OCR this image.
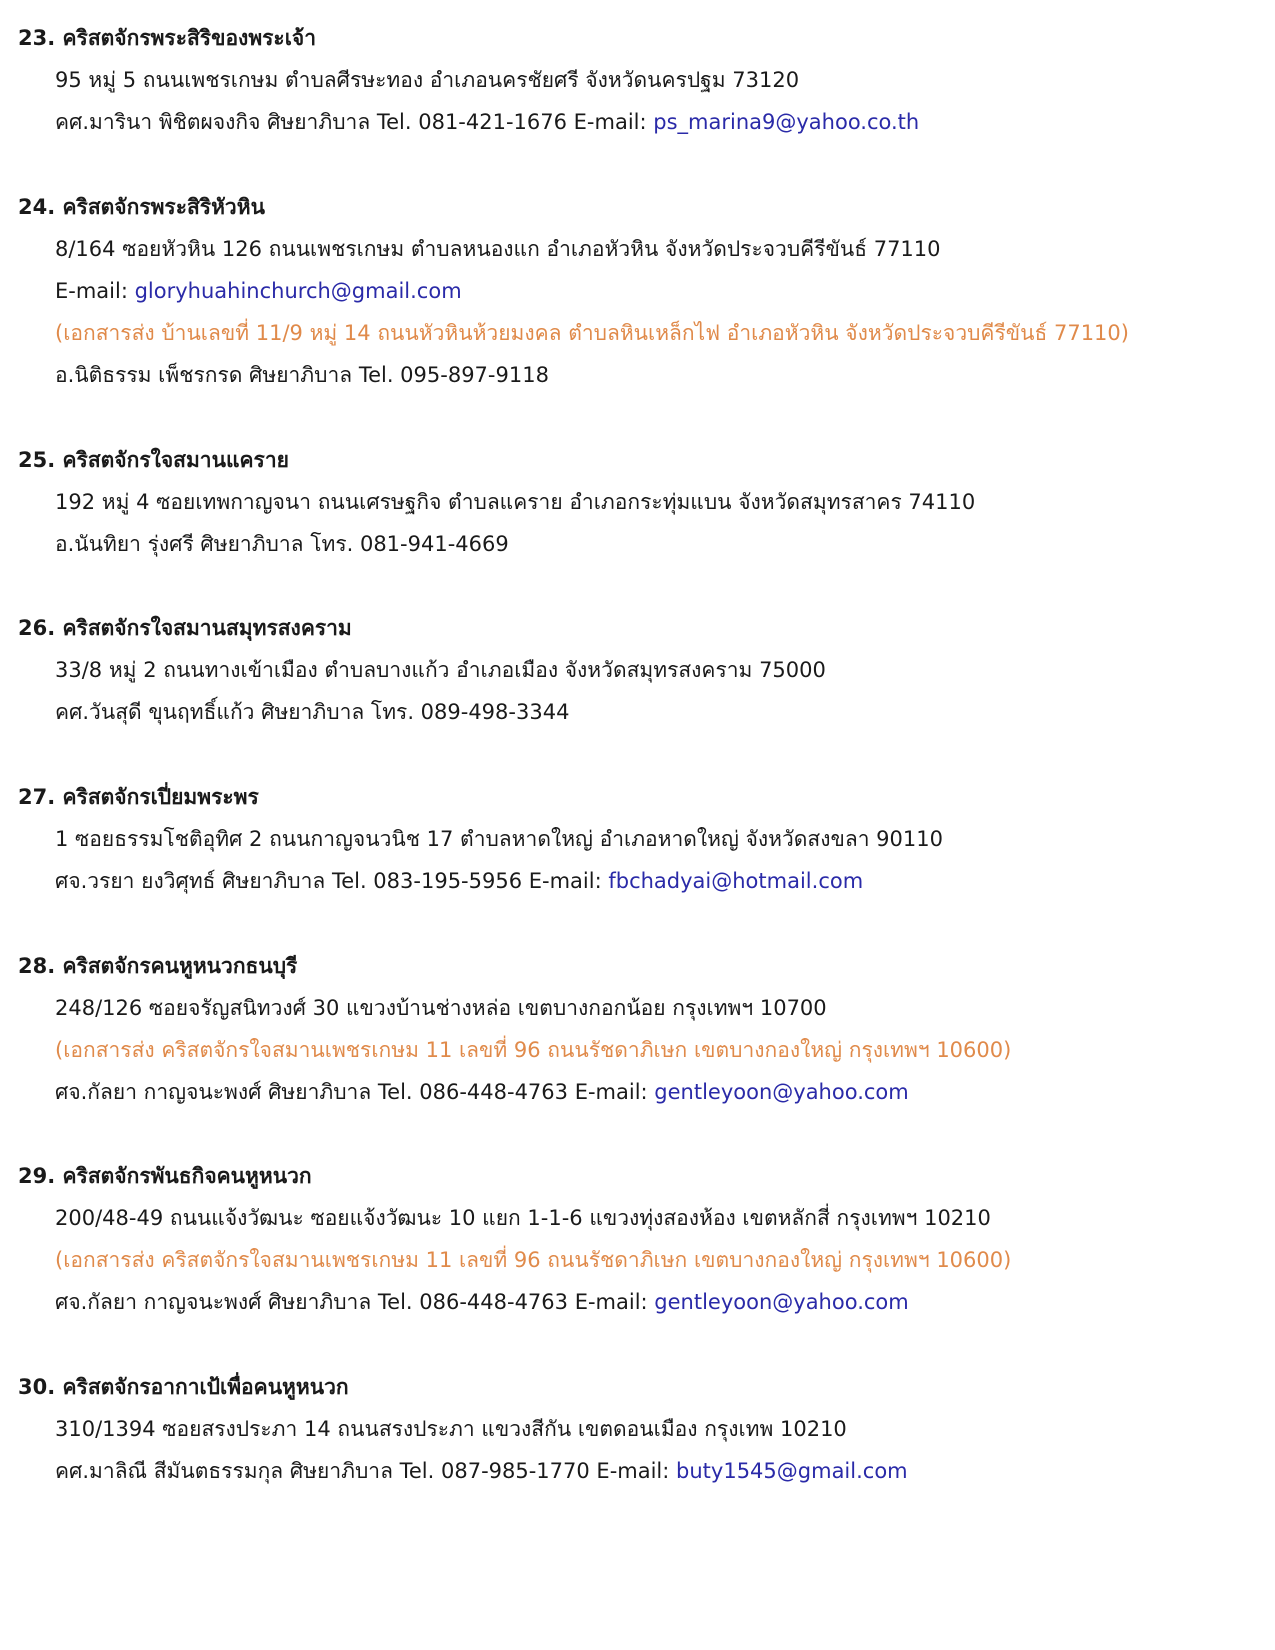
23. คริสตจักรพระสิริของพระเจ้า
95 หมู่ 5 ถนนเพชรเกษม ตำบลศีรษะทอง อำเภอนครชัยศรี จังหวัดนครปฐม 73120
คศ.มารินา พิชิตผจงกิจ ศิษยาภิบาล Tel. 081-421-1676 E-mail: ps_marina9@yahoo.co.th
24. คริสตจักรพระสิริหัวหิน
8/164 ซอยหัวหิน 126 ถนนเพชรเกษม ตำบลหนองแก อำเภอหัวหิน จังหวัดประจวบคีรีขันธ์ 77110
E-mail: gloryhuahinchurch@gmail.com
(เอกสารส่ง บ้านเลขที่ 11/9 หมู่ 14 ถนนหัวหินห้วยมงคล ตำบลหินเหล็กไฟ อำเภอหัวหิน จังหวัดประจวบคีรีขันธ์ 77110)
อ.นิติธรรม เพ็ชรกรด ศิษยาภิบาล Tel. 095-897-9118
25. คริสตจักรใจสมานแคราย
192 หมู่ 4 ซอยเทพกาญจนา ถนนเศรษฐกิจ ตำบลแคราย อำเภอกระทุ่มแบน จังหวัดสมุทรสาคร 74110
อ.นันทิยา รุ่งศรี ศิษยาภิบาล โทร. 081-941-4669
26. คริสตจักรใจสมานสมุทรสงคราม
33/8 หมู่ 2 ถนนทางเข้าเมือง ตำบลบางแก้ว อำเภอเมือง จังหวัดสมุทรสงคราม 75000
คศ.วันสุดี ขุนฤทธิ์แก้ว ศิษยาภิบาล โทร. 089-498-3344
27. คริสตจักรเปี่ยมพระพร
1 ซอยธรรมโชติอุทิศ 2 ถนนกาญจนวนิช 17 ตำบลหาดใหญ่ อำเภอหาดใหญ่ จังหวัดสงขลา 90110
ศจ.วรยา ยงวิศุทธ์ ศิษยาภิบาล Tel. 083-195-5956 E-mail: fbchadyai@hotmail.com
28. คริสตจักรคนหูหนวกธนบุรี
248/126 ซอยจรัญสนิทวงศ์ 30 แขวงบ้านช่างหล่อ เขตบางกอกน้อย กรุงเทพฯ 10700
(เอกสารส่ง คริสตจักรใจสมานเพชรเกษม 11 เลขที่ 96 ถนนรัชดาภิเษก เขตบางกองใหญ่ กรุงเทพฯ 10600)
ศจ.กัลยา กาญจนะพงศ์ ศิษยาภิบาล Tel. 086-448-4763 E-mail: gentleyoon@yahoo.com
29. คริสตจักรพันธกิจคนหูหนวก
200/48-49 ถนนแจ้งวัฒนะ ซอยแจ้งวัฒนะ 10 แยก 1-1-6 แขวงทุ่งสองห้อง เขตหลักสี่ กรุงเทพฯ 10210
(เอกสารส่ง คริสตจักรใจสมานเพชรเกษม 11 เลขที่ 96 ถนนรัชดาภิเษก เขตบางกองใหญ่ กรุงเทพฯ 10600)
ศจ.กัลยา กาญจนะพงศ์ ศิษยาภิบาล Tel. 086-448-4763 E-mail: gentleyoon@yahoo.com
30. คริสตจักรอากาเป้เพื่อคนหูหนวก
310/1394 ซอยสรงประภา 14 ถนนสรงประภา แขวงสีกัน เขตดอนเมือง กรุงเทพ 10210
คศ.มาลิณี สีมันตธรรมกุล ศิษยาภิบาล Tel. 087-985-1770 E-mail: buty1545@gmail.com
